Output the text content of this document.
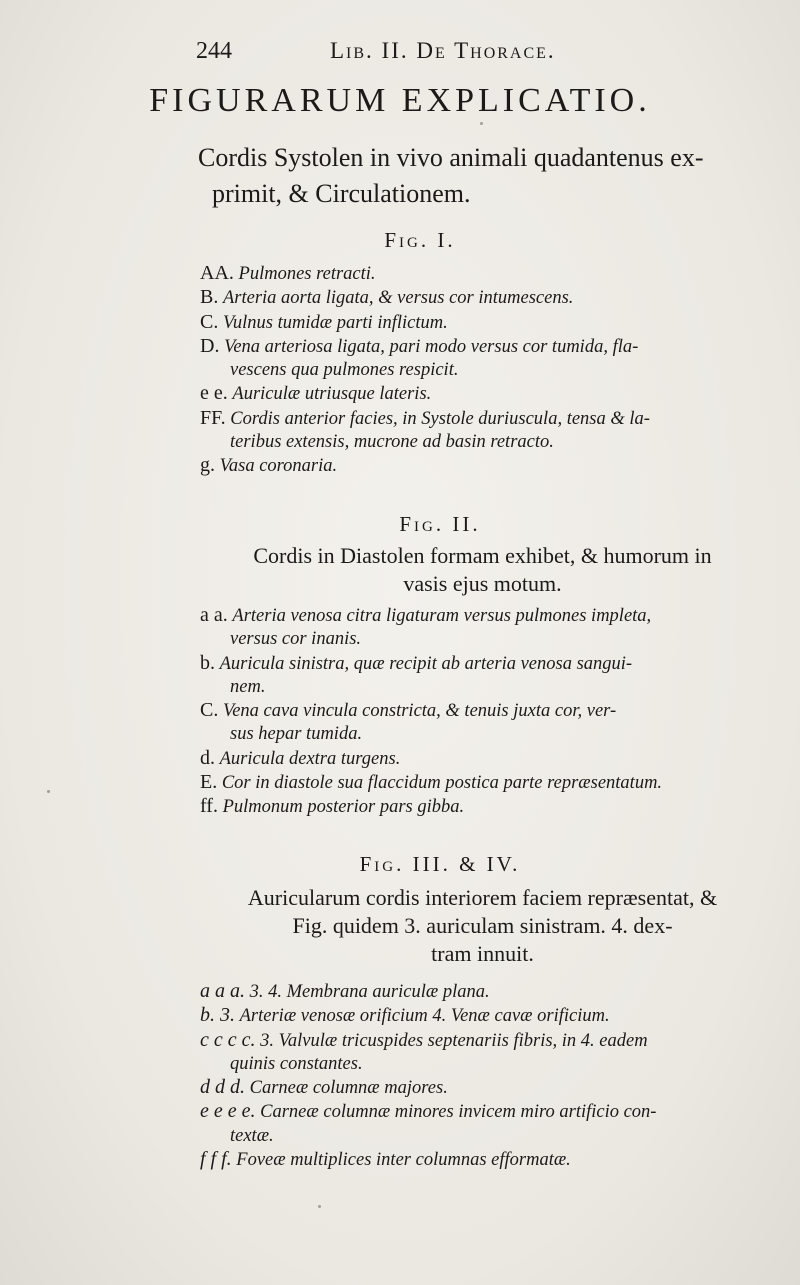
244	Lib. II. De Thorace.
FIGURARUM EXPLICATIO.
Cordis Systolen in vivo animali quadantenus ex-
primit, & Circulationem.
Fig. I.
AA. Pulmones retracti.
B. Arteria aorta ligata, & versus cor intumescens.
C. Vulnus tumidæ parti inflictum.
D. Vena arteriosa ligata, pari modo versus cor tumida, fla-
vescens qua pulmones respicit.
e e. Auriculæ utriusque lateris.
FF. Cordis anterior facies, in Systole duriuscula, tensa & la-
teribus extensis, mucrone ad basin retracto.
g. Vasa coronaria.
Fig. II.
Cordis in Diastolen formam exhibet, & humorum in
vasis ejus motum.
a a. Arteria venosa citra ligaturam versus pulmones impleta,
versus cor inanis.
b. Auricula sinistra, quæ recipit ab arteria venosa sangui-
nem.
C. Vena cava vincula constricta, & tenuis juxta cor, ver-
sus hepar tumida.
d. Auricula dextra turgens.
E. Cor in diastole sua flaccidum postica parte repræsentatum.
ff. Pulmonum posterior pars gibba.
Fig. III. & IV.
Auricularum cordis interiorem faciem repræsentat, &
Fig. quidem 3. auriculam sinistram. 4. dex-
tram innuit.
a a a. 3. 4. Membrana auriculæ plana.
b. 3. Arteriæ venosæ orificium 4. Venæ cavæ orificium.
c c c c. 3. Valvulæ tricuspides septenariis fibris, in 4. eadem
quinis constantes.
d d d. Carneæ columnæ majores.
e e e e. Carneæ columnæ minores invicem miro artificio con-
textæ.
f f f. Foveæ multiplices inter columnas efformatæ.
